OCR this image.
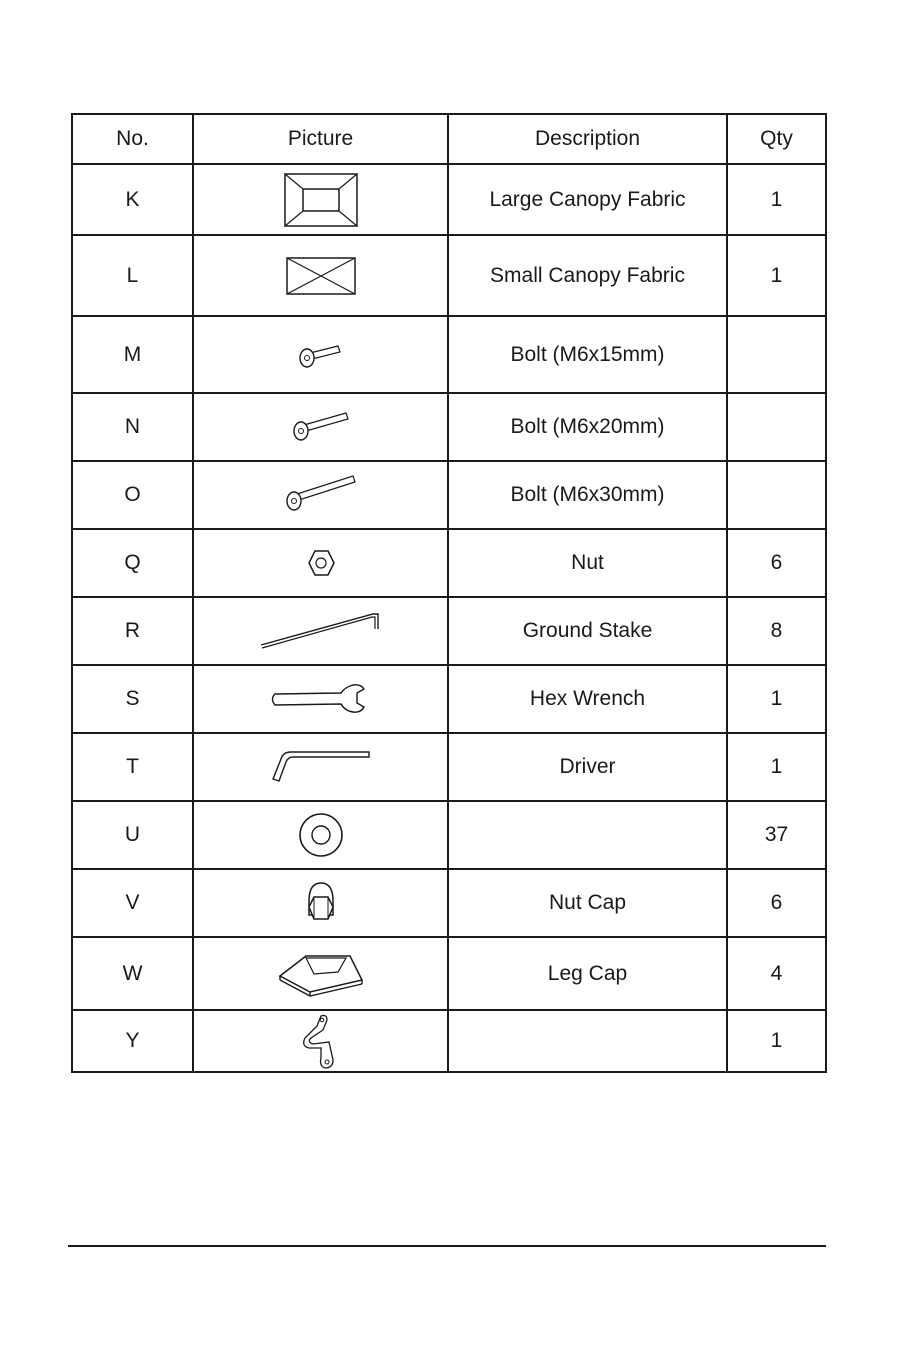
No.	Picture	Description	Qty
K		Large Canopy Fabric	1
L		Small Canopy Fabric	1
M		Bolt (M6x15mm)	
N		Bolt (M6x20mm)	
O		Bolt (M6x30mm)	
Q		Nut	6
R		Ground Stake	8
S		Hex Wrench	1
T		Driver	1
U			37
V		Nut Cap	6
W		Leg Cap	4
Y			1
